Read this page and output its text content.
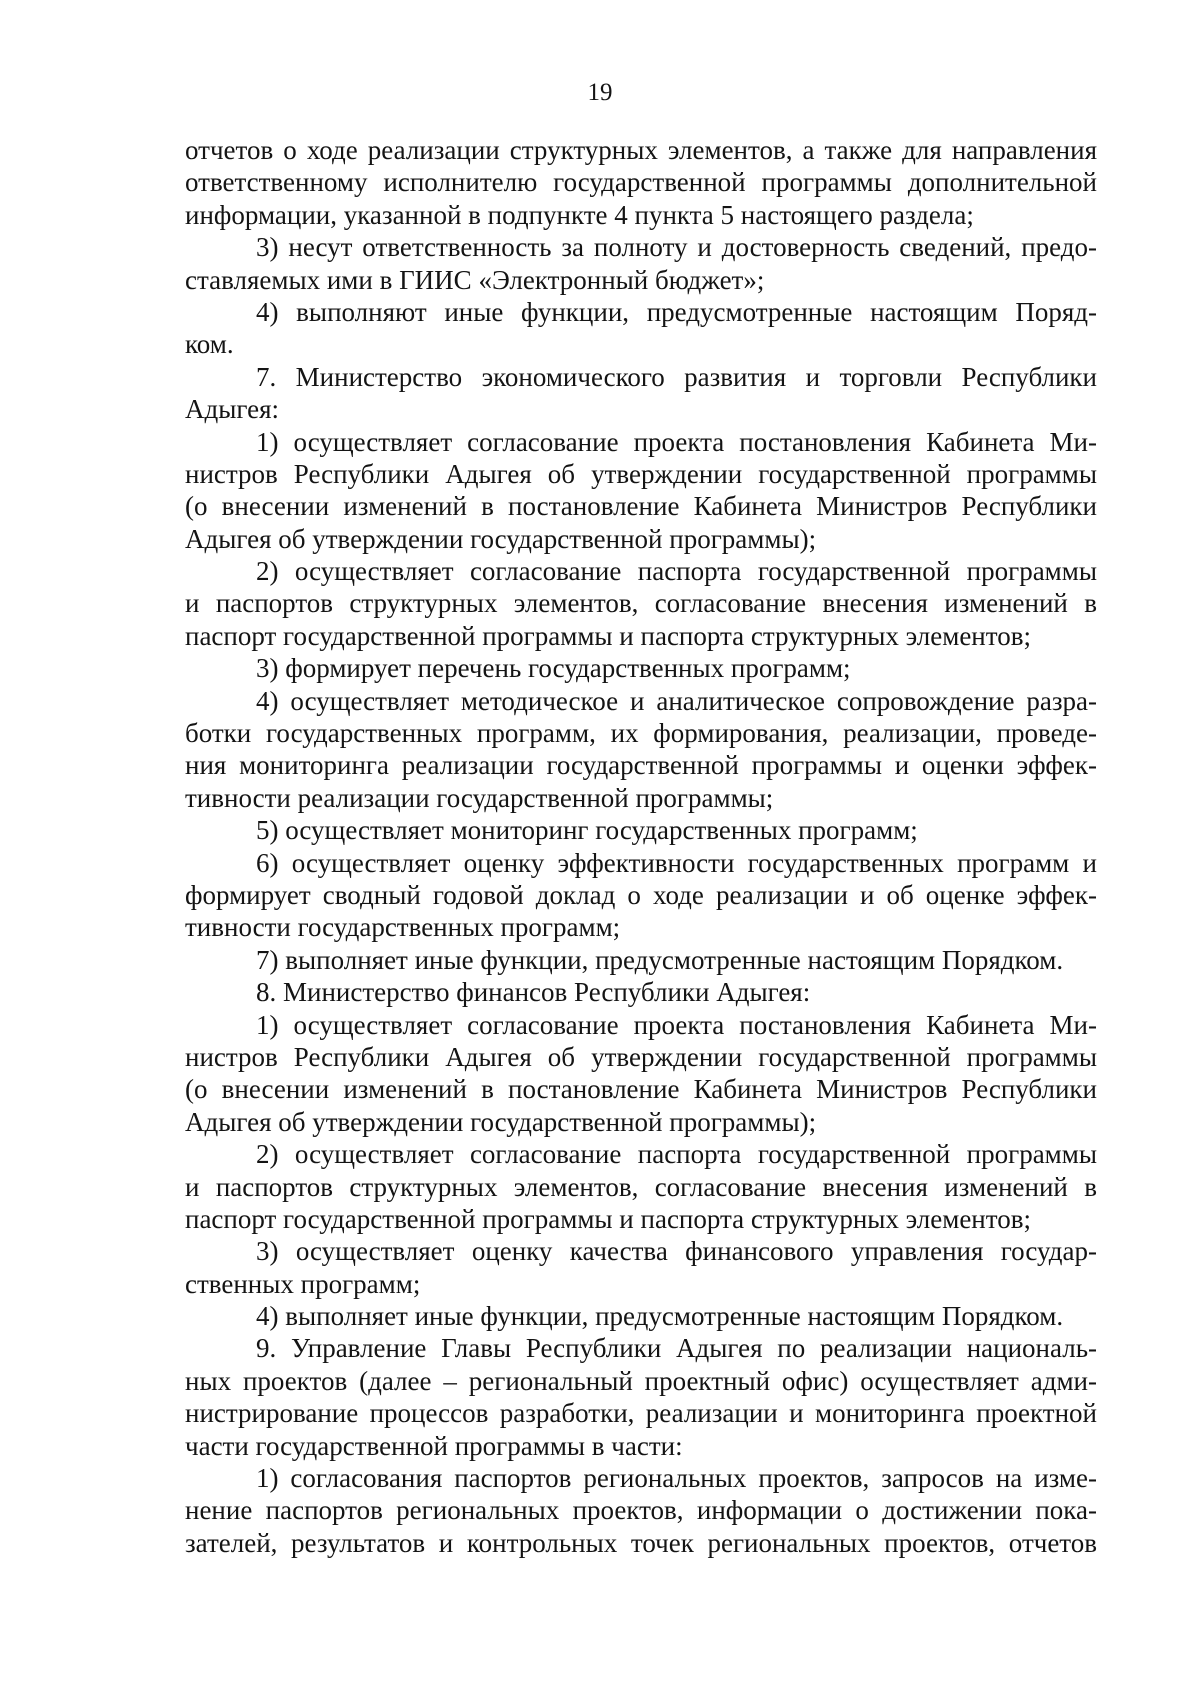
19
отчетов о ходе реализации структурных элементов, а также для направления
ответственному исполнителю государственной программы дополнительной
информации, указанной в подпункте 4 пункта 5 настоящего раздела;
3) несут ответственность за полноту и достоверность сведений, предо-
ставляемых ими в ГИИС «Электронный бюджет»;
4) выполняют иные функции, предусмотренные настоящим Поряд-
ком.
7. Министерство экономического развития и торговли Республики
Адыгея:
1) осуществляет согласование проекта постановления Кабинета Ми-
нистров Республики Адыгея об утверждении государственной программы
(о внесении изменений в постановление Кабинета Министров Республики
Адыгея об утверждении государственной программы);
2) осуществляет согласование паспорта государственной программы
и паспортов структурных элементов, согласование внесения изменений в
паспорт государственной программы и паспорта структурных элементов;
3) формирует перечень государственных программ;
4) осуществляет методическое и аналитическое сопровождение разра-
ботки государственных программ, их формирования, реализации, проведе-
ния мониторинга реализации государственной программы и оценки эффек-
тивности реализации государственной программы;
5) осуществляет мониторинг государственных программ;
6) осуществляет оценку эффективности государственных программ и
формирует сводный годовой доклад о ходе реализации и об оценке эффек-
тивности государственных программ;
7) выполняет иные функции, предусмотренные настоящим Порядком.
8. Министерство финансов Республики Адыгея:
1) осуществляет согласование проекта постановления Кабинета Ми-
нистров Республики Адыгея об утверждении государственной программы
(о внесении изменений в постановление Кабинета Министров Республики
Адыгея об утверждении государственной программы);
2) осуществляет согласование паспорта государственной программы
и паспортов структурных элементов, согласование внесения изменений в
паспорт государственной программы и паспорта структурных элементов;
3) осуществляет оценку качества финансового управления государ-
ственных программ;
4) выполняет иные функции, предусмотренные настоящим Порядком.
9. Управление Главы Республики Адыгея по реализации националь-
ных проектов (далее – региональный проектный офис) осуществляет адми-
нистрирование процессов разработки, реализации и мониторинга проектной
части государственной программы в части:
1) согласования паспортов региональных проектов, запросов на изме-
нение паспортов региональных проектов, информации о достижении пока-
зателей, результатов и контрольных точек региональных проектов, отчетов
